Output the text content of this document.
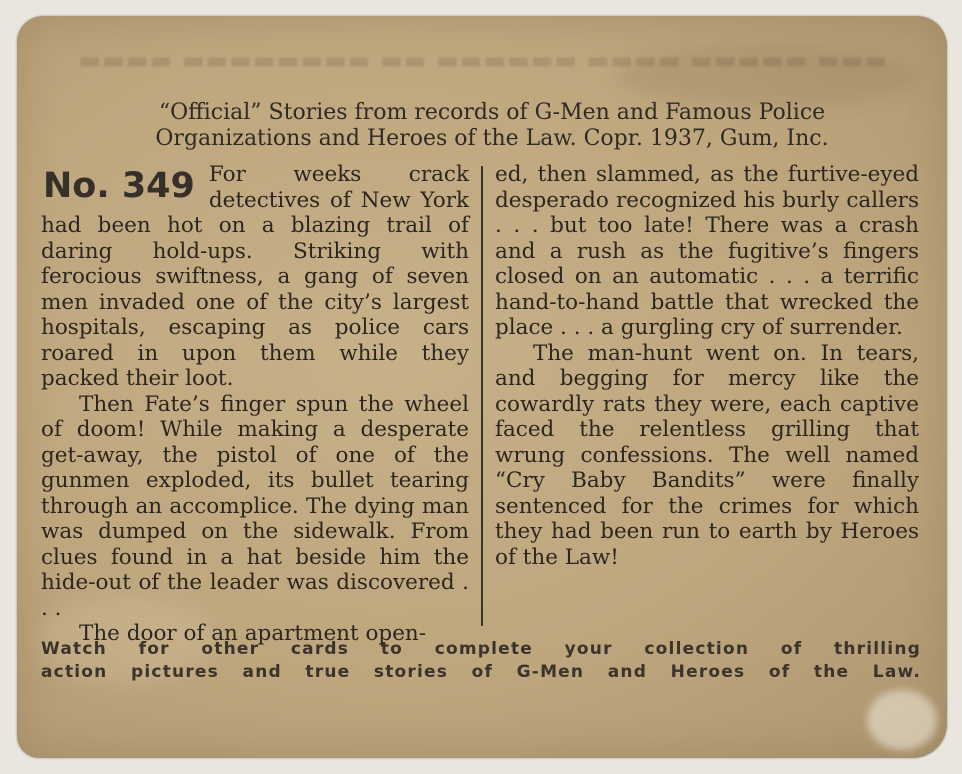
▬▬▬ ▬▬▬▬▬ ▬▬▬▬ ▬▬▬▬▬▬ ▬▬ ▬▬▬▬▬▬▬▬ ▬▬▬▬
“Official” Stories from records of G-Men and Famous Police
Organizations and Heroes of the Law. Copr. 1937, Gum, Inc.

No. 349 For weeks crack detectives of New York had been hot on a blazing trail of daring hold-ups. Striking with ferocious swiftness, a gang of seven men invaded one of the city’s largest hospitals, escaping as police cars roared in upon them while they packed their loot.

Then Fate’s finger spun the wheel of doom! While making a desperate get-away, the pistol of one of the gunmen exploded, its bullet tearing through an accomplice. The dying man was dumped on the sidewalk. From clues found in a hat beside him the hide-out of the leader was discovered . . .

The door of an apartment open-

ed, then slammed, as the furtive-eyed desperado recognized his burly callers . . . but too late! There was a crash and a rush as the fugitive’s fingers closed on an automatic . . . a terrific hand-to-hand battle that wrecked the place . . . a gurgling cry of surrender.

The man-hunt went on. In tears, and begging for mercy like the cowardly rats they were, each captive faced the relentless grilling that wrung confessions. The well named “Cry Baby Bandits” were finally sentenced for the crimes for which they had been run to earth by Heroes of the Law!

Watch for other cards to complete your collection of thrilling
action pictures and true stories of G-Men and Heroes of the Law.
